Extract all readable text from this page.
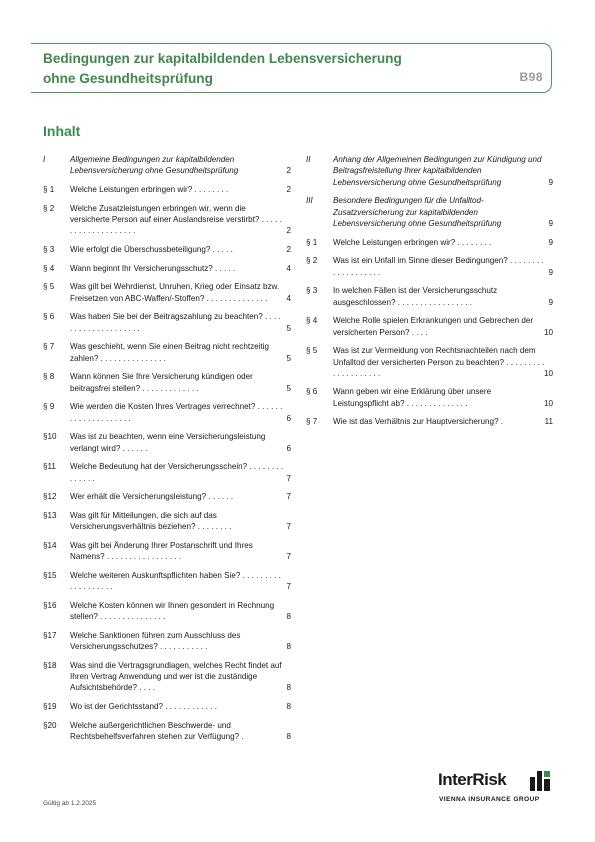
Bedingungen zur kapitalbildenden Lebensversicherung
ohne Gesundheitsprüfung	B98
Inhalt
I	Allgemeine Bedingungen zur kapitalbildenden Lebensversicherung ohne Gesundheitsprüfung	2
§ 1 Welche Leistungen erbringen wir? . . . . . . . .	2
§ 2 Welche Zusatzleistungen erbringen wir, wenn die versicherte Person auf einer Auslandsreise verstirbt? . . . . . . . . . . . . . . . . . . . .	2
§ 3 Wie erfolgt die Überschussbeteiligung? . . . . .	2
§ 4 Wann beginnt Ihr Versicherungsschutz? . . . . .	4
§ 5 Was gilt bei Wehrdienst, Unruhen, Krieg oder Einsatz bzw. Freisetzen von ABC-Waffen/-Stoffen? . . . . . . . . . . . . . .	4
§ 6 Was haben Sie bei der Beitragszahlung zu beachten? . . . . . . . . . . . . . . . . . . . .	5
§ 7 Was geschieht, wenn Sie einen Beitrag nicht rechtzeitig zahlen? . . . . . . . . . . . . . . .	5
§ 8 Wann können Sie Ihre Versicherung kündigen oder beitragsfrei stellen? . . . . . . . . . . . . .	5
§ 9 Wie werden die Kosten Ihres Vertrages verrechnet? . . . . . . . . . . . . . . . . . . . .	6
§10 Was ist zu beachten, wenn eine Versicherungsleistung verlangt wird? . . . . . .	6
§11 Welche Bedeutung hat der Versicherungsschein? . . . . . . . . . . . . . .	7
§12 Wer erhält die Versicherungsleistung? . . . . . .	7
§13 Was gilt für Mitteilungen, die sich auf das Versicherungsverhältnis beziehen? . . . . . . . .	7
§14 Was gilt bei Änderung Ihrer Postanschrift und Ihres Namens? . . . . . . . . . . . . . . . . .	7
§15 Welche weiteren Auskunftspflichten haben Sie? . . . . . . . . . . . . . . . . . . .	7
§16 Welche Kosten können wir Ihnen gesondert in Rechnung stellen? . . . . . . . . . . . . . . .	8
§17 Welche Sanktionen führen zum Ausschluss des Versicherungsschutzes? . . . . . . . . . . .	8
§18 Was sind die Vertragsgrundlagen, welches Recht findet auf Ihren Vertrag Anwendung und wer ist die zuständige Aufsichtsbehörde? . . . .	8
§19 Wo ist der Gerichtsstand? . . . . . . . . . . . .	8
§20 Welche außergerichtlichen Beschwerde- und Rechtsbehelfsverfahren stehen zur Verfügung? .	8
II	Anhang der Allgemeinen Bedingungen zur Kündigung und Beitragsfreistellung Ihrer kapitalbildenden Lebensversicherung ohne Gesundheitsprüfung	9
III	Besondere Bedingungen für die Unfalltod-Zusatzversicherung zur kapitalbildenden Lebensversicherung ohne Gesundheitsprüfung	9
§ 1 Welche Leistungen erbringen wir? . . . . . . . .	9
§ 2 Was ist ein Unfall im Sinne dieser Bedingungen? . . . . . . . . . . . . . . . . . . .	9
§ 3 In welchen Fällen ist der Versicherungsschutz ausgeschlossen? . . . . . . . . . . . . . . . . .	9
§ 4 Welche Rolle spielen Erkrankungen und Gebrechen der versicherten Person? . . . .	10
§ 5 Was ist zur Vermeidung von Rechtsnachteilen nach dem Unfalltod der versicherten Person zu beachten? . . . . . . . . . . . . . . . . . . . .	10
§ 6 Wann geben wir eine Erklärung über unsere Leistungspflicht ab? . . . . . . . . . . . . . .	10
§ 7 Wie ist das Verhältnis zur Hauptversicherung? .	11
Gültig ab 1.2.2025
InterRisk
VIENNA INSURANCE GROUP
